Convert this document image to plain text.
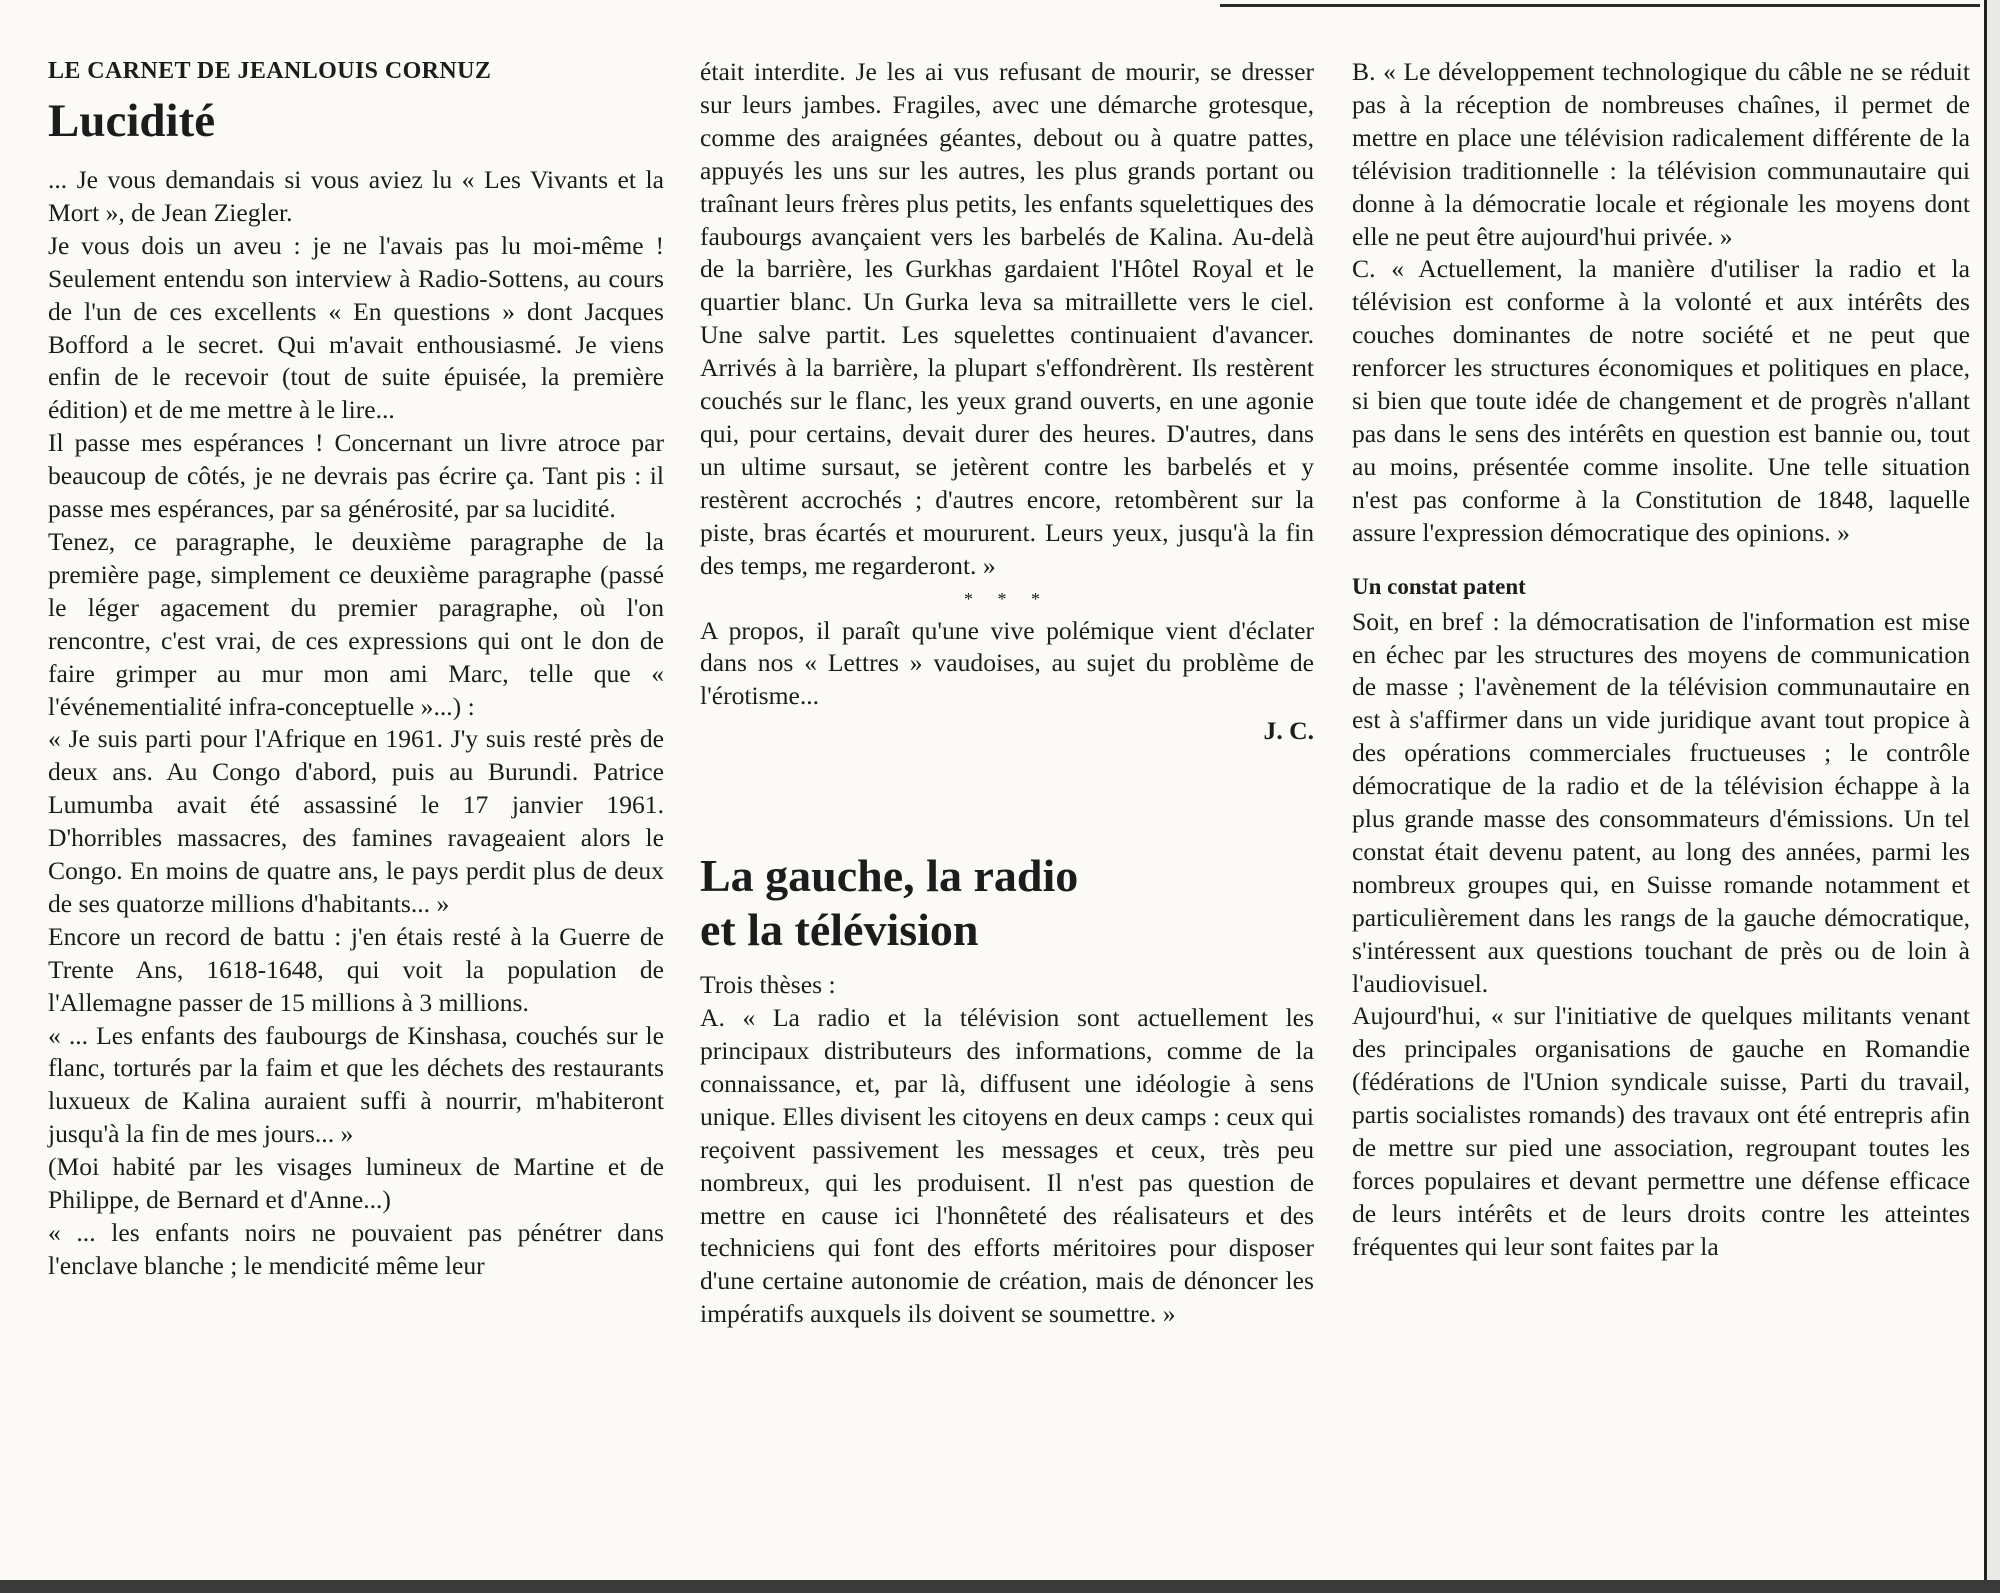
LE CARNET DE JEANLOUIS CORNUZ
Lucidité

... Je vous demandais si vous aviez lu « Les Vivants et la Mort », de Jean Ziegler.

Je vous dois un aveu : je ne l'avais pas lu moi-même ! Seulement entendu son interview à Radio-Sottens, au cours de l'un de ces excellents « En questions » dont Jacques Bofford a le secret. Qui m'avait enthousiasmé. Je viens enfin de le recevoir (tout de suite épuisée, la première édition) et de me mettre à le lire...

Il passe mes espérances ! Concernant un livre atroce par beaucoup de côtés, je ne devrais pas écrire ça. Tant pis : il passe mes espérances, par sa générosité, par sa lucidité.

Tenez, ce paragraphe, le deuxième paragraphe de la première page, simplement ce deuxième paragraphe (passé le léger agacement du premier paragraphe, où l'on rencontre, c'est vrai, de ces expressions qui ont le don de faire grimper au mur mon ami Marc, telle que « l'événementialité infra-conceptuelle »...) :

« Je suis parti pour l'Afrique en 1961. J'y suis resté près de deux ans. Au Congo d'abord, puis au Burundi. Patrice Lumumba avait été assassiné le 17 janvier 1961. D'horribles massacres, des famines ravageaient alors le Congo. En moins de quatre ans, le pays perdit plus de deux de ses quatorze millions d'habitants... »

Encore un record de battu : j'en étais resté à la Guerre de Trente Ans, 1618-1648, qui voit la population de l'Allemagne passer de 15 millions à 3 millions.

« ... Les enfants des faubourgs de Kinshasa, couchés sur le flanc, torturés par la faim et que les déchets des restaurants luxueux de Kalina auraient suffi à nourrir, m'habiteront jusqu'à la fin de mes jours... »

(Moi habité par les visages lumineux de Martine et de Philippe, de Bernard et d'Anne...)

« ... les enfants noirs ne pouvaient pas pénétrer dans l'enclave blanche ; le mendicité même leur

était interdite. Je les ai vus refusant de mourir, se dresser sur leurs jambes. Fragiles, avec une démarche grotesque, comme des araignées géantes, debout ou à quatre pattes, appuyés les uns sur les autres, les plus grands portant ou traînant leurs frères plus petits, les enfants squelettiques des faubourgs avançaient vers les barbelés de Kalina. Au-delà de la barrière, les Gurkhas gardaient l'Hôtel Royal et le quartier blanc. Un Gurka leva sa mitraillette vers le ciel. Une salve partit. Les squelettes continuaient d'avancer. Arrivés à la barrière, la plupart s'effondrèrent. Ils restèrent couchés sur le flanc, les yeux grand ouverts, en une agonie qui, pour certains, devait durer des heures. D'autres, dans un ultime sursaut, se jetèrent contre les barbelés et y restèrent accrochés ; d'autres encore, retombèrent sur la piste, bras écartés et moururent. Leurs yeux, jusqu'à la fin des temps, me regarderont. »

* * *

A propos, il paraît qu'une vive polémique vient d'éclater dans nos « Lettres » vaudoises, au sujet du problème de l'érotisme...

J. C.
La gauche, la radio
et la télévision

Trois thèses :

A. « La radio et la télévision sont actuellement les principaux distributeurs des informations, comme de la connaissance, et, par là, diffusent une idéologie à sens unique. Elles divisent les citoyens en deux camps : ceux qui reçoivent passivement les messages et ceux, très peu nombreux, qui les produisent. Il n'est pas question de mettre en cause ici l'honnêteté des réalisateurs et des techniciens qui font des efforts méritoires pour disposer d'une certaine autonomie de création, mais de dénoncer les impératifs auxquels ils doivent se soumettre. »

B. « Le développement technologique du câble ne se réduit pas à la réception de nombreuses chaînes, il permet de mettre en place une télévision radicalement différente de la télévision traditionnelle : la télévision communautaire qui donne à la démocratie locale et régionale les moyens dont elle ne peut être aujourd'hui privée. »

C. « Actuellement, la manière d'utiliser la radio et la télévision est conforme à la volonté et aux intérêts des couches dominantes de notre société et ne peut que renforcer les structures économiques et politiques en place, si bien que toute idée de changement et de progrès n'allant pas dans le sens des intérêts en question est bannie ou, tout au moins, présentée comme insolite. Une telle situation n'est pas conforme à la Constitution de 1848, laquelle assure l'expression démocratique des opinions. »

Un constat patent

Soit, en bref : la démocratisation de l'information est mise en échec par les structures des moyens de communication de masse ; l'avènement de la télévision communautaire en est à s'affirmer dans un vide juridique avant tout propice à des opérations commerciales fructueuses ; le contrôle démocratique de la radio et de la télévision échappe à la plus grande masse des consommateurs d'émissions. Un tel constat était devenu patent, au long des années, parmi les nombreux groupes qui, en Suisse romande notamment et particulièrement dans les rangs de la gauche démocratique, s'intéressent aux questions touchant de près ou de loin à l'audiovisuel.

Aujourd'hui, « sur l'initiative de quelques militants venant des principales organisations de gauche en Romandie (fédérations de l'Union syndicale suisse, Parti du travail, partis socialistes romands) des travaux ont été entrepris afin de mettre sur pied une association, regroupant toutes les forces populaires et devant permettre une défense efficace de leurs intérêts et de leurs droits contre les atteintes fréquentes qui leur sont faites par la
